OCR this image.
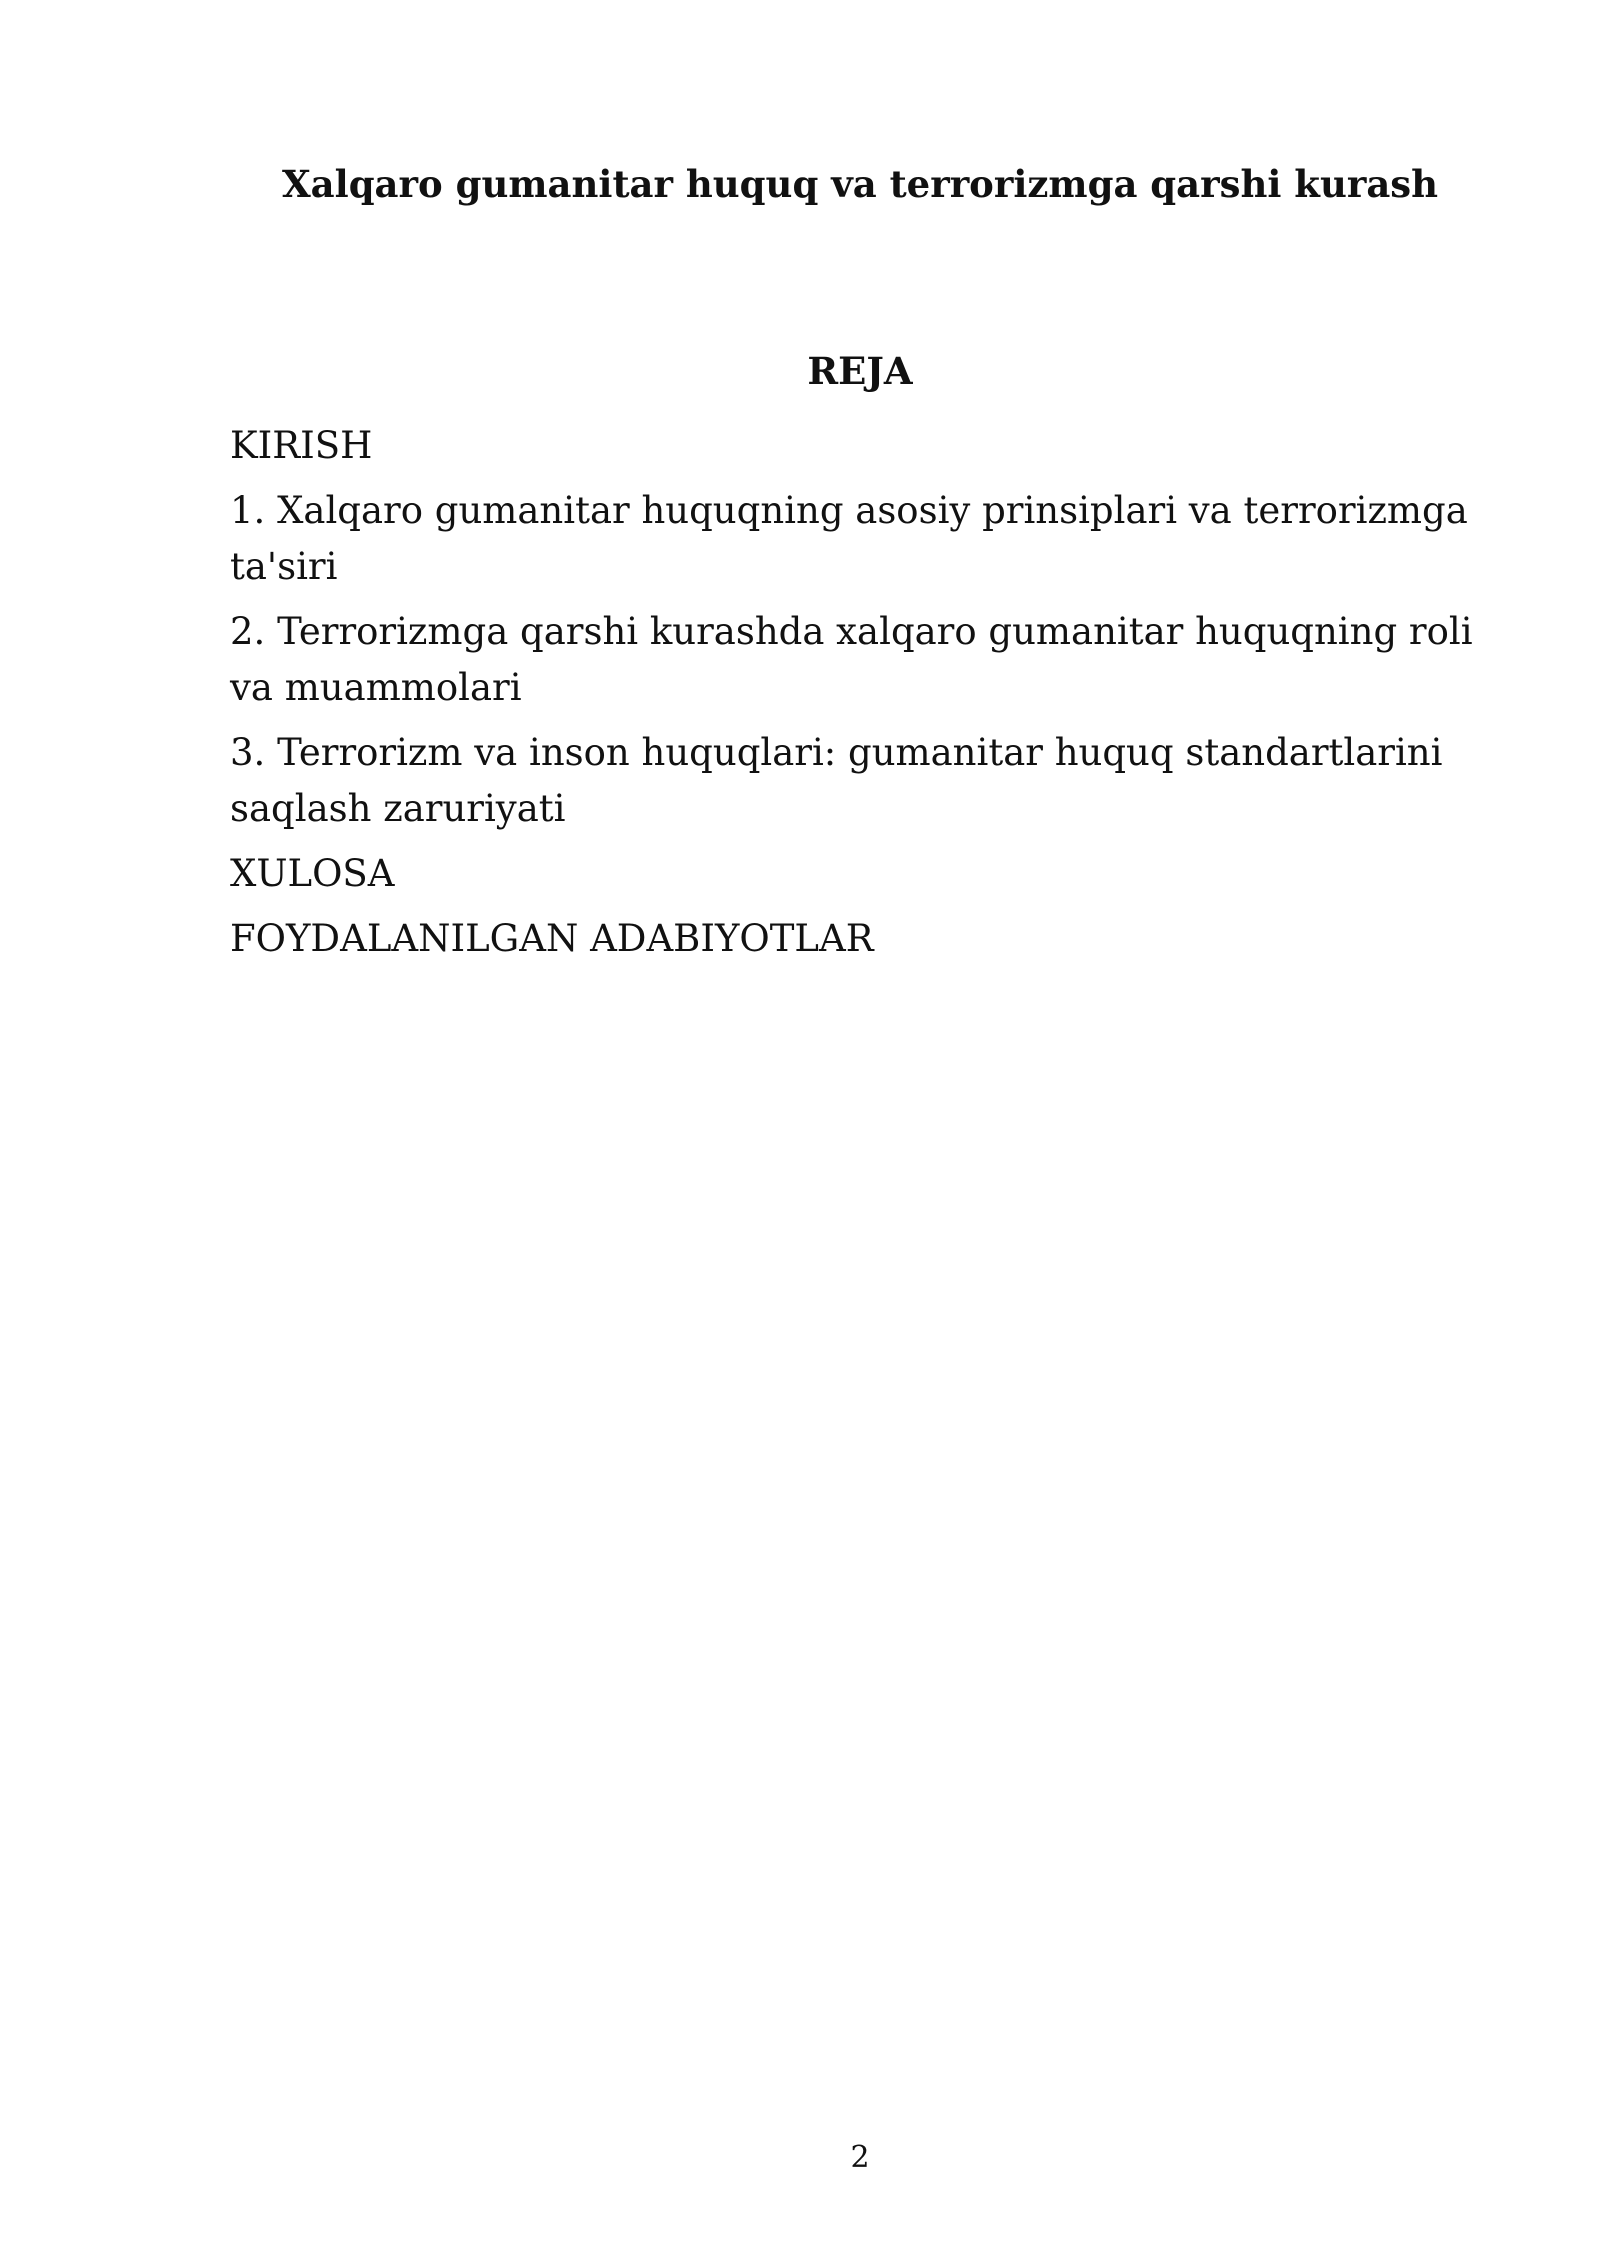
Xalqaro gumanitar huquq va terrorizmga qarshi kurash
REJA
KIRISH
1. Xalqaro gumanitar huquqning asosiy prinsiplari va terrorizmga ta'siri
2. Terrorizmga qarshi kurashda xalqaro gumanitar huquqning roli va muammolari
3. Terrorizm va inson huquqlari: gumanitar huquq standartlarini saqlash zaruriyati
XULOSA
FOYDALANILGAN ADABIYOTLAR
2
